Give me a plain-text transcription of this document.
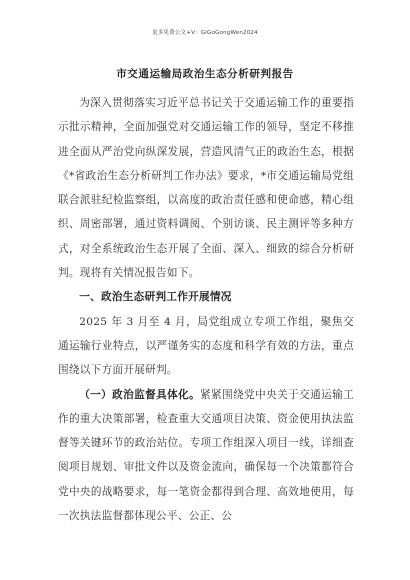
更多免费公文+V：GiGoGongWen2024
市交通运输局政治生态分析研判报告

为深入贯彻落实习近平总书记关于交通运输工作的重要指示批示精神，全面加强党对交通运输工作的领导，坚定不移推进全面从严治党向纵深发展，营造风清气正的政治生态，根据《*省政治生态分析研判工作办法》要求，*市交通运输局党组联合派驻纪检监察组，以高度的政治责任感和使命感，精心组织、周密部署，通过资料调阅、个别访谈、民主测评等多种方式，对全系统政治生态开展了全面、深入、细致的综合分析研判。现将有关情况报告如下。

一、政治生态研判工作开展情况

2025 年 3 月至 4 月，局党组成立专项工作组，聚焦交通运输行业特点，以严谨务实的态度和科学有效的方法，重点围绕以下方面开展研判。

（一）政治监督具体化。紧紧围绕党中央关于交通运输工作的重大决策部署，检查重大交通项目决策、资金使用执法监督等关键环节的政治站位。专项工作组深入项目一线，详细查阅项目规划、审批文件以及资金流向，确保每一个决策都符合党中央的战略要求，每一笔资金都得到合理、高效地使用，每一次执法监督都体现公平、公正、公
